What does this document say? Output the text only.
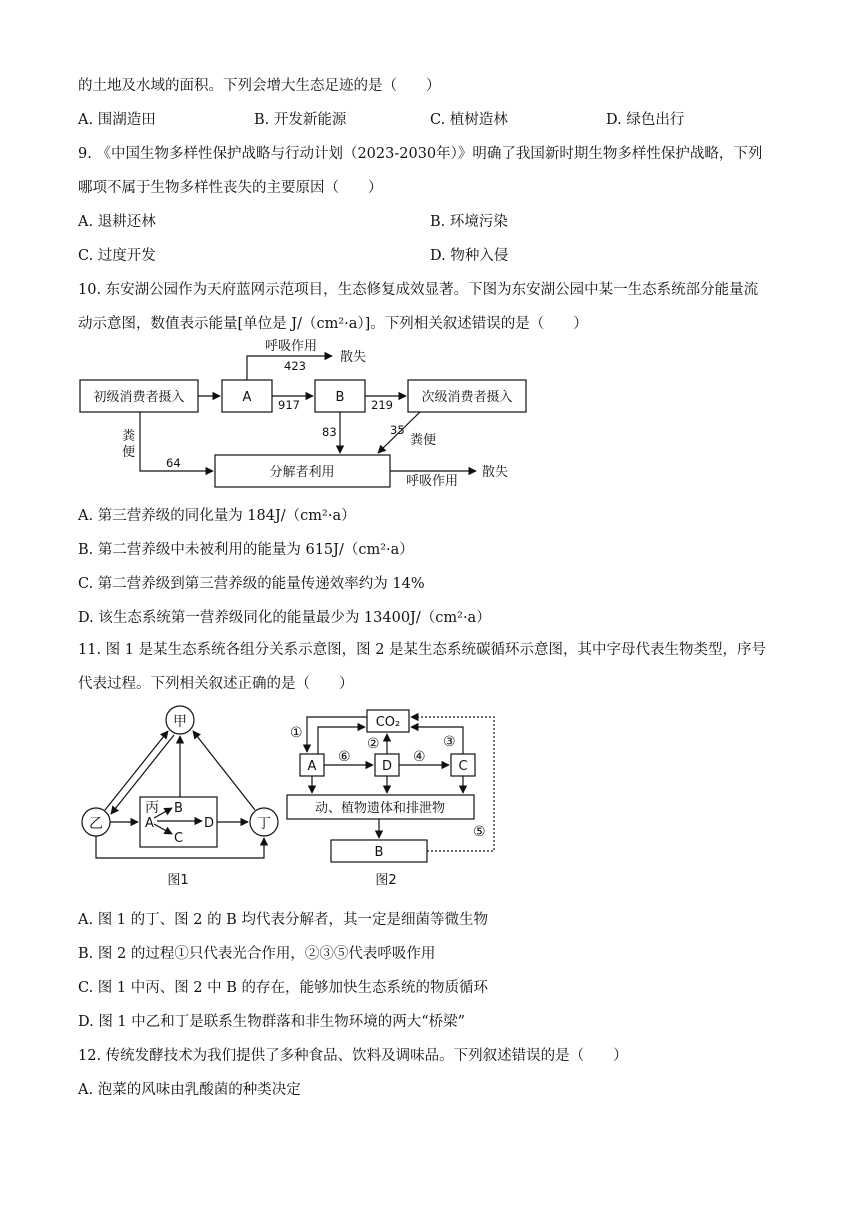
的土地及水域的面积。下列会增大生态足迹的是（　　）
A. 围湖造田	B. 开发新能源	C. 植树造林	D. 绿色出行
9. 《中国生物多样性保护战略与行动计划（2023-2030年）》明确了我国新时期生物多样性保护战略，下列
哪项不属于生物多样性丧失的主要原因（　　）
A. 退耕还林	B. 环境污染
C. 过度开发	D. 物种入侵
10. 东安湖公园作为天府蓝网示范项目，生态修复成效显著。下图为东安湖公园中某一生态系统部分能量流
动示意图，数值表示能量[单位是 J/（cm²·a）]。下列相关叙述错误的是（　　）
呼吸作用
散失
初级消费者摄入	A	B	次级消费者摄入
分解者利用
呼吸作用
散失
粪
便
粪便
423
917	219
83	35
64
甲
乙	丁
丙
A
B
C
D
图1
CO₂
A	D	C
动、植物遗体和排泄物
B
①
②	③
④
⑤
⑥
图2
A. 第三营养级的同化量为 184J/（cm²·a）
B. 第二营养级中未被利用的能量为 615J/（cm²·a）
C. 第二营养级到第三营养级的能量传递效率约为 14%
D. 该生态系统第一营养级同化的能量最少为 13400J/（cm²·a）
11. 图 1 是某生态系统各组分关系示意图，图 2 是某生态系统碳循环示意图，其中字母代表生物类型，序号
代表过程。下列相关叙述正确的是（　　）
A. 图 1 的丁、图 2 的 B 均代表分解者，其一定是细菌等微生物
B. 图 2 的过程①只代表光合作用，②③⑤代表呼吸作用
C. 图 1 中丙、图 2 中 B 的存在，能够加快生态系统的物质循环
D. 图 1 中乙和丁是联系生物群落和非生物环境的两大“桥梁”
12. 传统发酵技术为我们提供了多种食品、饮料及调味品。下列叙述错误的是（　　）
A. 泡菜的风味由乳酸菌的种类决定
